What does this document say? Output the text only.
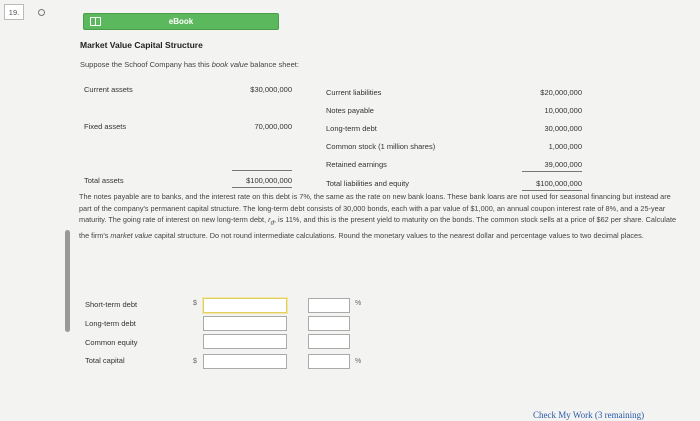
19.
eBook
Market Value Capital Structure
Suppose the Schoof Company has this book value balance sheet:
Current assets	$30,000,000
Fixed assets	70,000,000
Total assets	$100,000,000
Current liabilities	$20,000,000
Notes payable	10,000,000
Long-term debt	30,000,000
Common stock (1 million shares)	1,000,000
Retained earnings	39,000,000
Total liabilities and equity	$100,000,000
The notes payable are to banks, and the interest rate on this debt is 7%, the same as the rate on new bank loans. These bank loans are not used for seasonal financing but instead are part of the company's permanent capital structure. The long-term debt consists of 30,000 bonds, each with a par value of $1,000, an annual coupon interest rate of 8%, and a 25-year maturity. The going rate of interest on new long-term debt, $r_d$, is 11%, and this is the present yield to maturity on the bonds. The common stock sells at a price of $62 per share. Calculate the firm's market value capital structure. Do not round intermediate calculations. Round the monetary values to the nearest dollar and percentage values to two decimal places.
Short-term debt	$	%
Long-term debt
Common equity
Total capital	$	%
Check My Work (3 remaining)
